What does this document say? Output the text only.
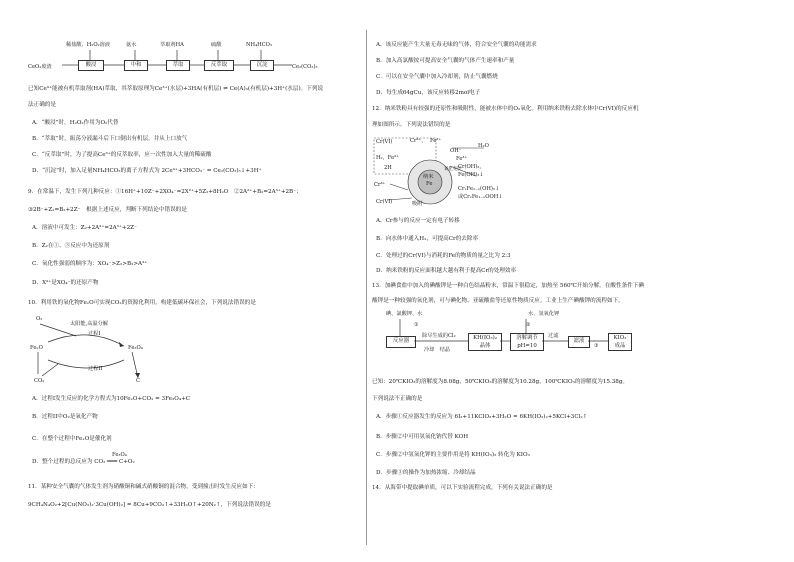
稀盐酸、H₂O₂溶液	氨水	萃取剂HA	硫酸	NH₄HCO₃
CeO₂废渣	酸浸	中和	萃取	反萃取	沉淀	Ce₂(CO₃)₃
已知Ce³⁺能被有机萃取剂(HA)萃取，其萃取原理为Ce³⁺(水层)+3HA(有机层) ⇌ Ce(A)₃(有机层)+3H⁺(水层)。下列说
法正确的是
A．“酸浸”时，H₂O₂作用为O₂代替
B．“萃取”时，振荡分液漏斗后下口倒出有机层，并从上口放气
C．“反萃取”时，为了提高Ce³⁺的反萃取率，应一次性加入大量的稀硫酸
D．“沉淀”时，加入足量NH₄HCO₃的离子方程式为 2Ce³⁺+3HCO₃⁻ = Ce₂(CO₃)₃↓+3H⁺
9．在常温下，发生下列几种反应：①16H⁺+10Z⁻+2XO₄⁻=2X²⁺+5Z₂+8H₂O　②2A²⁺+B₂=2A³⁺+2B⁻；
③2B⁻+Z₂=B₂+2Z⁻　根据上述反应，判断下列结论中错误的是
A．溶液中可发生：Z₂+2A²⁺=2A³⁺+2Z⁻
B．Z₂在①、③反应中为还原剂
C．氧化性强弱的顺序为：XO₄⁻>Z₂>B₂>A³⁺
D．X²⁺是XO₄⁻的还原产物
10．利用铁的氧化物FeₓO可实现CO₂的资源化利用，构建低碳环保社会，下列说法错误的是
O₂
太阳能,高温分解
过程I
FeₓO	Fe₃O₄
过程II
CO₂	C
A．过程I发生反应的化学方程式为10FeₓO+CO₂ = 3Fe₃O₄+C
B．过程II中O₂是氧化产物
C．在整个过程中FeₓO是催化剂
Fe₃O₄
D．整个过程的总反应为 CO₂ ═══ C+O₂
11．某种安全气囊的气体发生剂为硝酸铜和碱式硝酸铜的混合物，受到撞击时发生反应如下：
9CH₄N₄O₂+2[Cu(NO₃)₂·3Cu(OH)₂] = 8Cu+9CO₂↑+33H₂O↑+20N₂↑，下列说法错误的是
A．该反应能产生大量无毒无味的气体，符合安全气囊的功能需求
B．加入高氯酸铵可提高安全气囊的气体产生速率和产量
C．可以在安全气囊中加入冷却剂，防止气囊燃烧
D．每生成64gCu，该反应转移2mol电子
12．纳米铁粉具有较强的还原性和吸附性，能被水体中的O₂氧化。利用纳米铁粉去除水体中Cr(VI)的反应机
理如图所示。下列说法错误的是
Cr(VI)	Cr³⁺， Fe²⁺
H₂，Fe²⁺
2H
OH⁻
H₂O
Fe³⁺
纳米
Fe
氧化壳层
Cr(OH)₃，
Fe(OH)₃↓
CrₓFe₁₋ₓ(OH)₃↓
或CrₓFe₁₋ₓOOH↓
Cr³⁺
Cr(VI)	吸附
A．Cr参与的反应一定有电子转移
B．向水体中通入H₂，可提高Cr的去除率
C．处理过的Cr(VI)与消耗的Fe的物质的量之比为 2:3
D．纳米铁粉的反应面积越大越有利于提高Cr的处理效率
13．加碘食盐中加入的碘酸钾是一种白色结晶粉末，常温下很稳定，加热至 560℃开始分解。在酸性条件下碘
酸钾是一种较强的氧化剂，可与碘化物、亚硫酸盐等还原性物质反应。工业上生产碘酸钾的流程如下。
碘、氯酸钾、水
①
反应器
除尽生成的Cl₂
冷却　结晶
KH(IO₃)₂
晶体
水、氢氧化钾
②
溶解调节
pH=10
过滤
滤液
③
KIO₃
成品
已知：20℃KIO₃的溶解度为8.08g，50℃KIO₃的溶解度为10.28g，100℃KIO₃的溶解度为15.38g。
下列说法不正确的是
A．步骤①反应器发生的反应为 6I₂+11KClO₃+3H₂O = 6KH(IO₃)₂+5KCl+3Cl₂↑
B．步骤②中可用氢氧化钠代替 KOH
C．步骤②中氢氧化钾的主要作用是将 KH(IO₃)₂ 转化为 KIO₃
D．步骤③的操作为加热浓缩、冷却结晶
14．从海带中提取碘单质，可以下实验流程完成，下列有关说法正确的是
